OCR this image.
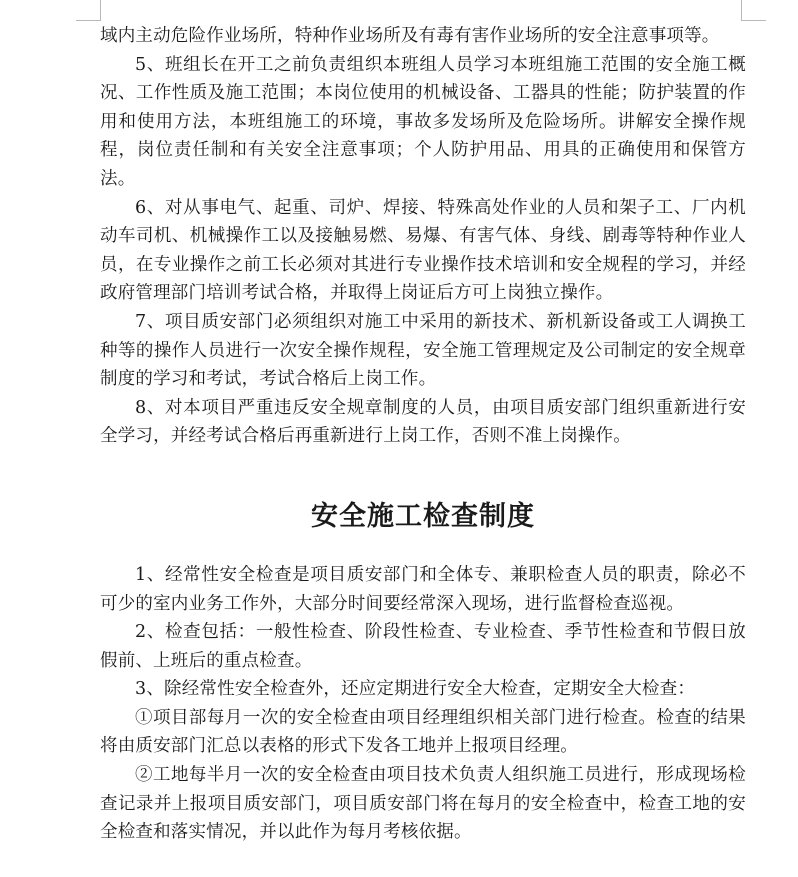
域内主动危险作业场所，特种作业场所及有毒有害作业场所的安全注意事项等。

5、班组长在开工之前负责组织本班组人员学习本班组施工范围的安全施工概况、工作性质及施工范围；本岗位使用的机械设备、工器具的性能；防护装置的作用和使用方法，本班组施工的环境，事故多发场所及危险场所。讲解安全操作规程，岗位责任制和有关安全注意事项；个人防护用品、用具的正确使用和保管方法。

6、对从事电气、起重、司炉、焊接、特殊高处作业的人员和架子工、厂内机动车司机、机械操作工以及接触易燃、易爆、有害气体、身线、剧毒等特种作业人员，在专业操作之前工长必须对其进行专业操作技术培训和安全规程的学习，并经政府管理部门培训考试合格，并取得上岗证后方可上岗独立操作。

7、项目质安部门必须组织对施工中采用的新技术、新机新设备或工人调换工种等的操作人员进行一次安全操作规程，安全施工管理规定及公司制定的安全规章制度的学习和考试，考试合格后上岗工作。

8、对本项目严重违反安全规章制度的人员，由项目质安部门组织重新进行安全学习，并经考试合格后再重新进行上岗工作，否则不准上岗操作。

安全施工检查制度

1、经常性安全检查是项目质安部门和全体专、兼职检查人员的职责，除必不可少的室内业务工作外，大部分时间要经常深入现场，进行监督检查巡视。

2、检查包括：一般性检查、阶段性检查、专业检查、季节性检查和节假日放假前、上班后的重点检查。

3、除经常性安全检查外，还应定期进行安全大检查，定期安全大检查：

①项目部每月一次的安全检查由项目经理组织相关部门进行检查。检查的结果将由质安部门汇总以表格的形式下发各工地并上报项目经理。

②工地每半月一次的安全检查由项目技术负责人组织施工员进行，形成现场检查记录并上报项目质安部门，项目质安部门将在每月的安全检查中，检查工地的安全检查和落实情况，并以此作为每月考核依据。
